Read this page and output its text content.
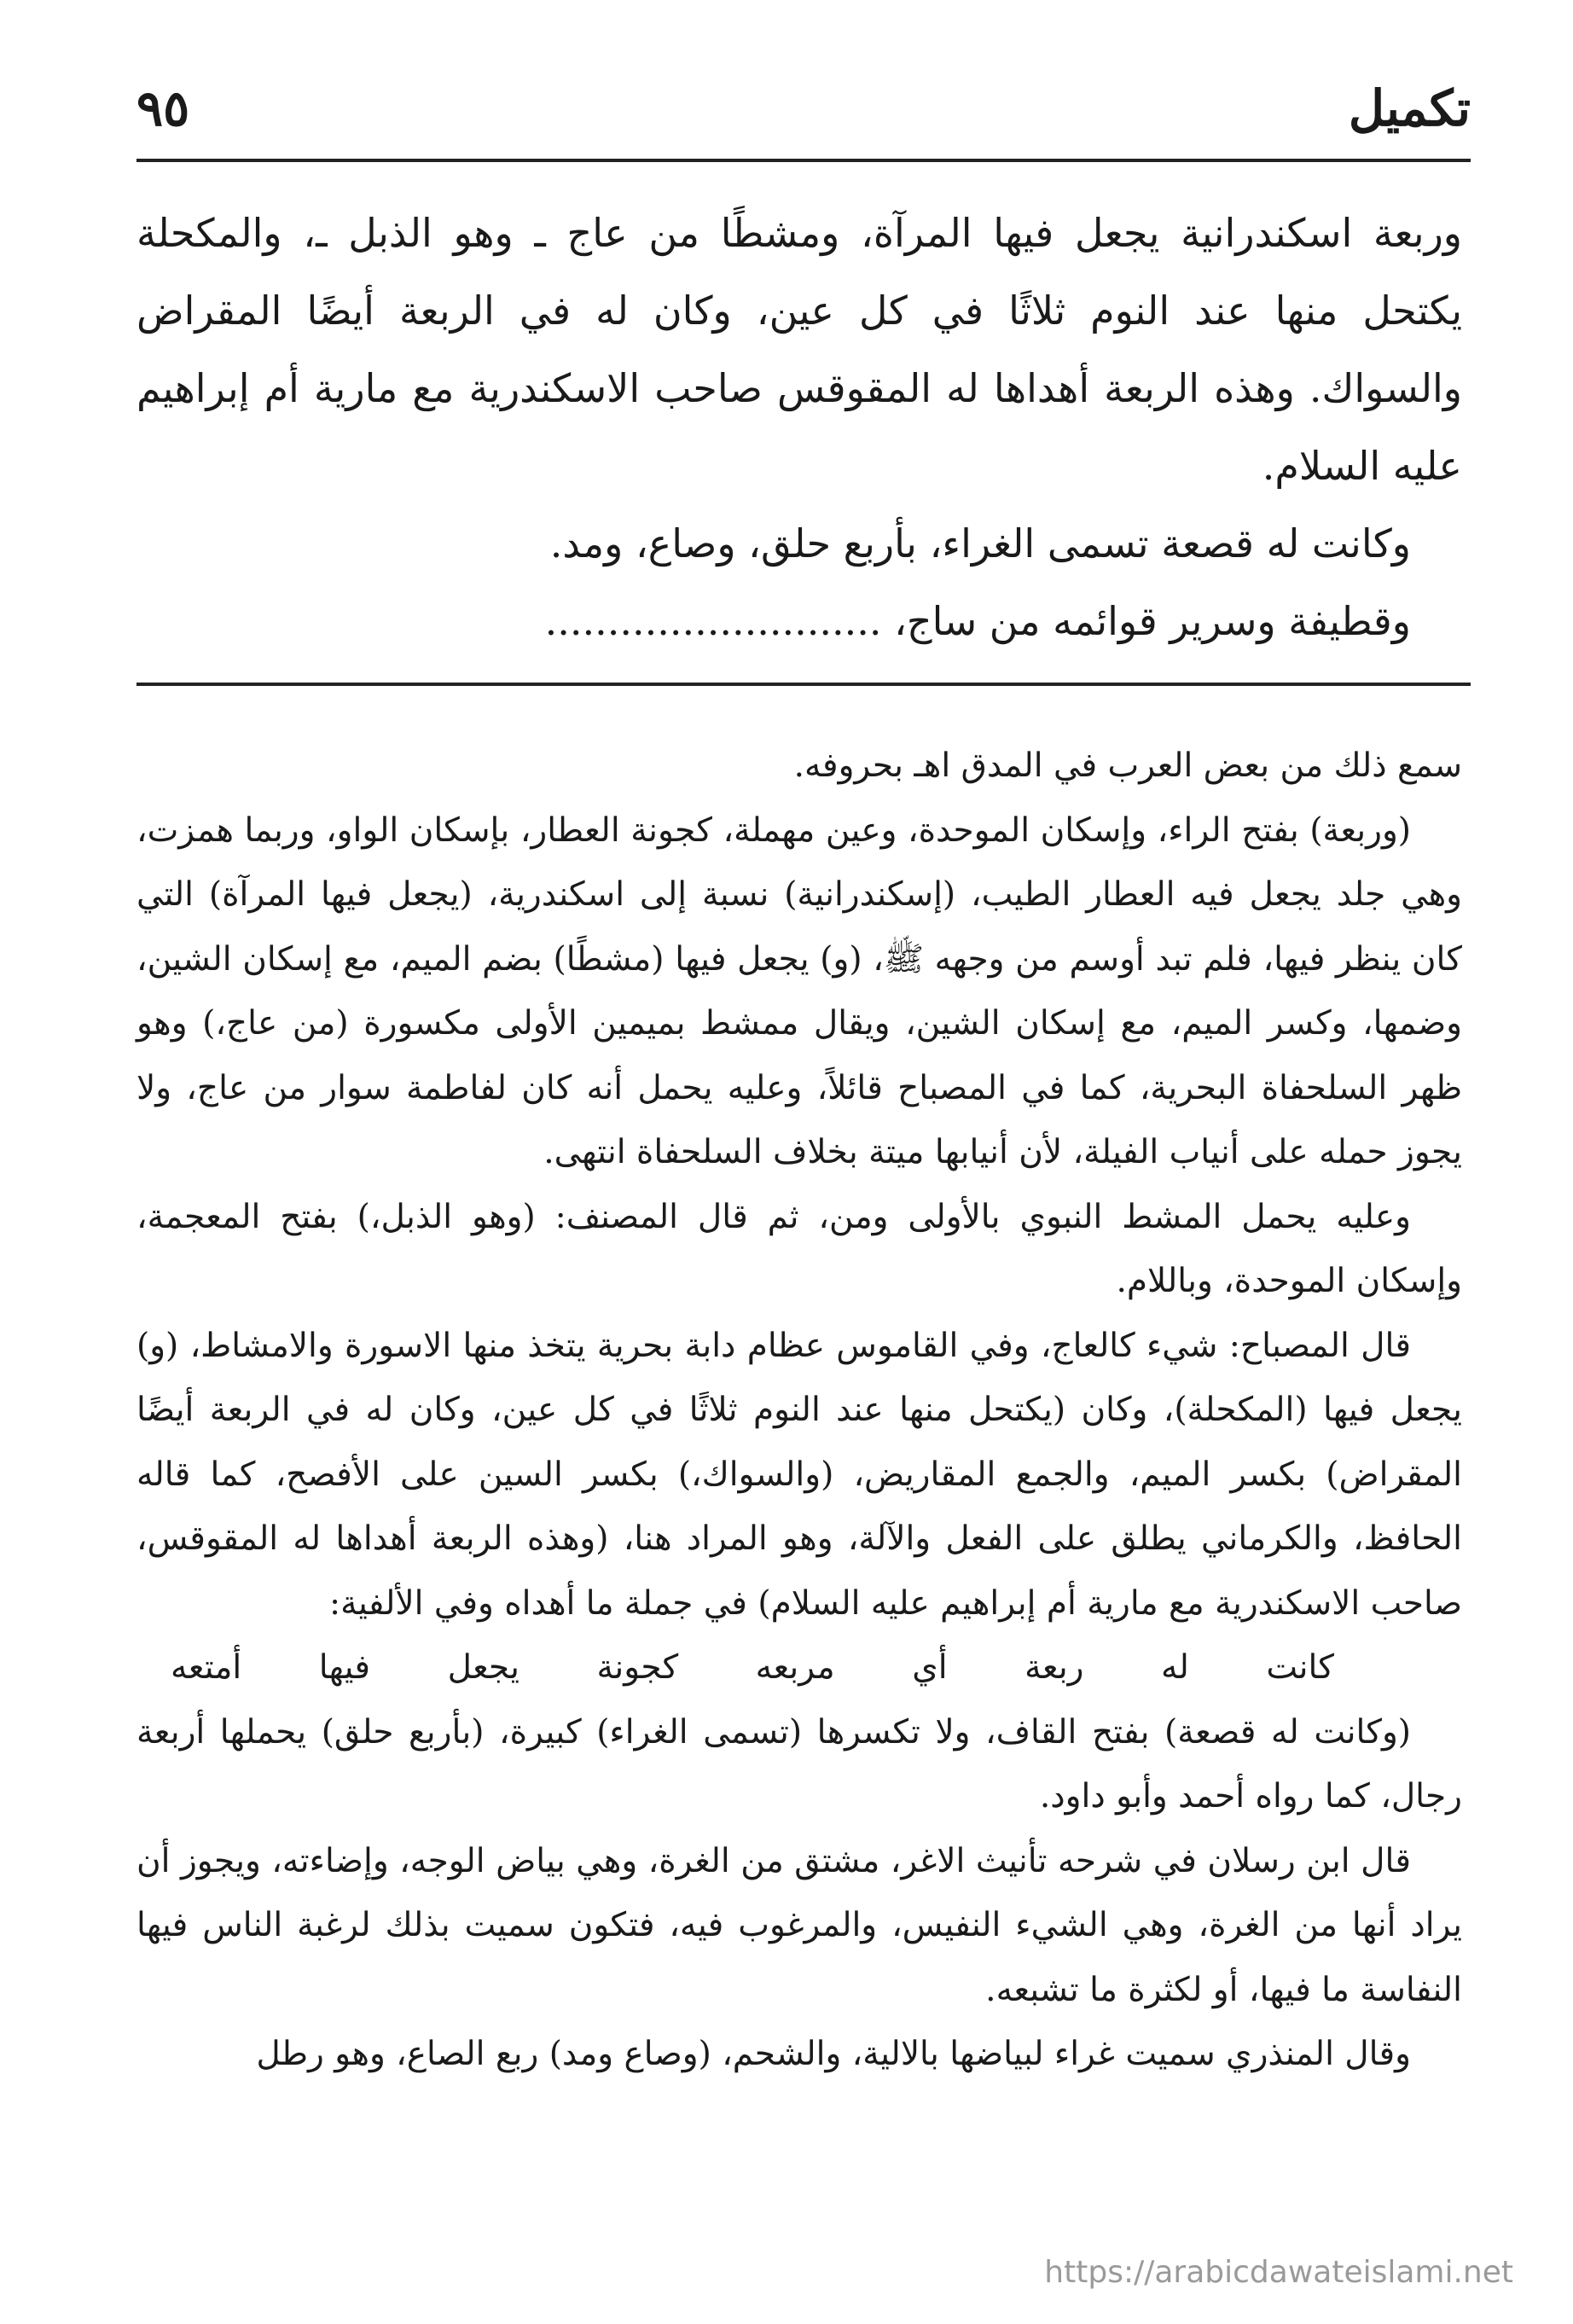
تكميل
٩٥

وربعة اسكندرانية يجعل فيها المرآة، ومشطًا من عاج ـ وهو الذبل ـ، والمكحلة يكتحل منها عند النوم ثلاثًا في كل عين، وكان له في الربعة أيضًا المقراض والسواك. وهذه الربعة أهداها له المقوقس صاحب الاسكندرية مع مارية أم إبراهيم عليه السلام.

وكانت له قصعة تسمى الغراء، بأربع حلق، وصاع، ومد.

وقطيفة وسرير قوائمه من ساج، ...........................

سمع ذلك من بعض العرب في المدق اهـ بحروفه.

(وربعة) بفتح الراء، وإسكان الموحدة، وعين مهملة، كجونة العطار، بإسكان الواو، وربما همزت، وهي جلد يجعل فيه العطار الطيب، (إسكندرانية) نسبة إلى اسكندرية، (يجعل فيها المرآة) التي كان ينظر فيها، فلم تبد أوسم من وجهه ﷺ، (و) يجعل فيها (مشطًا) بضم الميم، مع إسكان الشين، وضمها، وكسر الميم، مع إسكان الشين، ويقال ممشط بميمين الأولى مكسورة (من عاج،) وهو ظهر السلحفاة البحرية، كما في المصباح قائلاً، وعليه يحمل أنه كان لفاطمة سوار من عاج، ولا يجوز حمله على أنياب الفيلة، لأن أنيابها ميتة بخلاف السلحفاة انتهى.

وعليه يحمل المشط النبوي بالأولى ومن، ثم قال المصنف: (وهو الذبل،) بفتح المعجمة، وإسكان الموحدة، وباللام.

قال المصباح: شيء كالعاج، وفي القاموس عظام دابة بحرية يتخذ منها الاسورة والامشاط، (و) يجعل فيها (المكحلة)، وكان (يكتحل منها عند النوم ثلاثًا في كل عين، وكان له في الربعة أيضًا المقراض) بكسر الميم، والجمع المقاريض، (والسواك،) بكسر السين على الأفصح، كما قاله الحافظ، والكرماني يطلق على الفعل والآلة، وهو المراد هنا، (وهذه الربعة أهداها له المقوقس، صاحب الاسكندرية مع مارية أم إبراهيم عليه السلام) في جملة ما أهداه وفي الألفية:

كانت له ربعة أي مربعه كجونة يجعل فيها أمتعه

(وكانت له قصعة) بفتح القاف، ولا تكسرها (تسمى الغراء) كبيرة، (بأربع حلق) يحملها أربعة رجال، كما رواه أحمد وأبو داود.

قال ابن رسلان في شرحه تأنيث الاغر، مشتق من الغرة، وهي بياض الوجه، وإضاءته، ويجوز أن يراد أنها من الغرة، وهي الشيء النفيس، والمرغوب فيه، فتكون سميت بذلك لرغبة الناس فيها النفاسة ما فيها، أو لكثرة ما تشبعه.

وقال المنذري سميت غراء لبياضها بالالية، والشحم، (وصاع ومد) ربع الصاع، وهو رطل

https://arabicdawateislami.net
